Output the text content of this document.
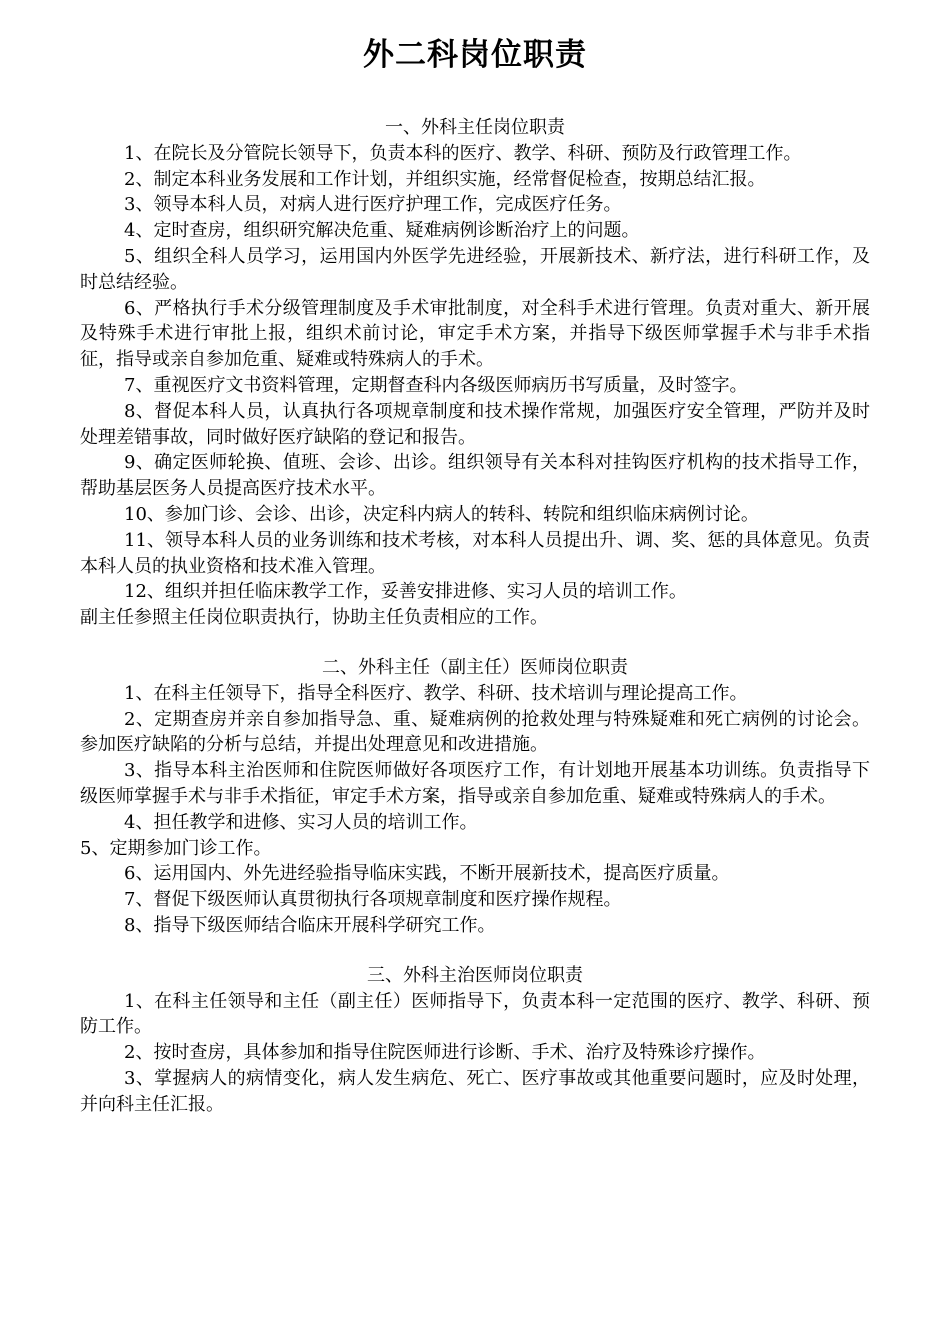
外二科岗位职责

一、外科主任岗位职责

1、在院长及分管院长领导下，负责本科的医疗、教学、科研、预防及行政管理工作。

2、制定本科业务发展和工作计划，并组织实施，经常督促检查，按期总结汇报。

3、领导本科人员，对病人进行医疗护理工作，完成医疗任务。

4、定时查房，组织研究解决危重、疑难病例诊断治疗上的问题。

5、组织全科人员学习，运用国内外医学先进经验，开展新技术、新疗法，进行科研工作，及时总结经验。

6、严格执行手术分级管理制度及手术审批制度，对全科手术进行管理。负责对重大、新开展及特殊手术进行审批上报，组织术前讨论，审定手术方案，并指导下级医师掌握手术与非手术指征，指导或亲自参加危重、疑难或特殊病人的手术。

7、重视医疗文书资料管理，定期督查科内各级医师病历书写质量，及时签字。

8、督促本科人员，认真执行各项规章制度和技术操作常规，加强医疗安全管理，严防并及时处理差错事故，同时做好医疗缺陷的登记和报告。

9、确定医师轮换、值班、会诊、出诊。组织领导有关本科对挂钩医疗机构的技术指导工作，帮助基层医务人员提高医疗技术水平。

10、参加门诊、会诊、出诊，决定科内病人的转科、转院和组织临床病例讨论。

11、领导本科人员的业务训练和技术考核，对本科人员提出升、调、奖、惩的具体意见。负责本科人员的执业资格和技术准入管理。

12、组织并担任临床教学工作，妥善安排进修、实习人员的培训工作。

副主任参照主任岗位职责执行，协助主任负责相应的工作。

二、外科主任（副主任）医师岗位职责

1、在科主任领导下，指导全科医疗、教学、科研、技术培训与理论提高工作。

2、定期查房并亲自参加指导急、重、疑难病例的抢救处理与特殊疑难和死亡病例的讨论会。参加医疗缺陷的分析与总结，并提出处理意见和改进措施。

3、指导本科主治医师和住院医师做好各项医疗工作，有计划地开展基本功训练。负责指导下级医师掌握手术与非手术指征，审定手术方案，指导或亲自参加危重、疑难或特殊病人的手术。

4、担任教学和进修、实习人员的培训工作。

5、定期参加门诊工作。

6、运用国内、外先进经验指导临床实践，不断开展新技术，提高医疗质量。

7、督促下级医师认真贯彻执行各项规章制度和医疗操作规程。

8、指导下级医师结合临床开展科学研究工作。

三、外科主治医师岗位职责

1、在科主任领导和主任（副主任）医师指导下，负责本科一定范围的医疗、教学、科研、预防工作。

2、按时查房，具体参加和指导住院医师进行诊断、手术、治疗及特殊诊疗操作。

3、掌握病人的病情变化，病人发生病危、死亡、医疗事故或其他重要问题时，应及时处理，并向科主任汇报。
